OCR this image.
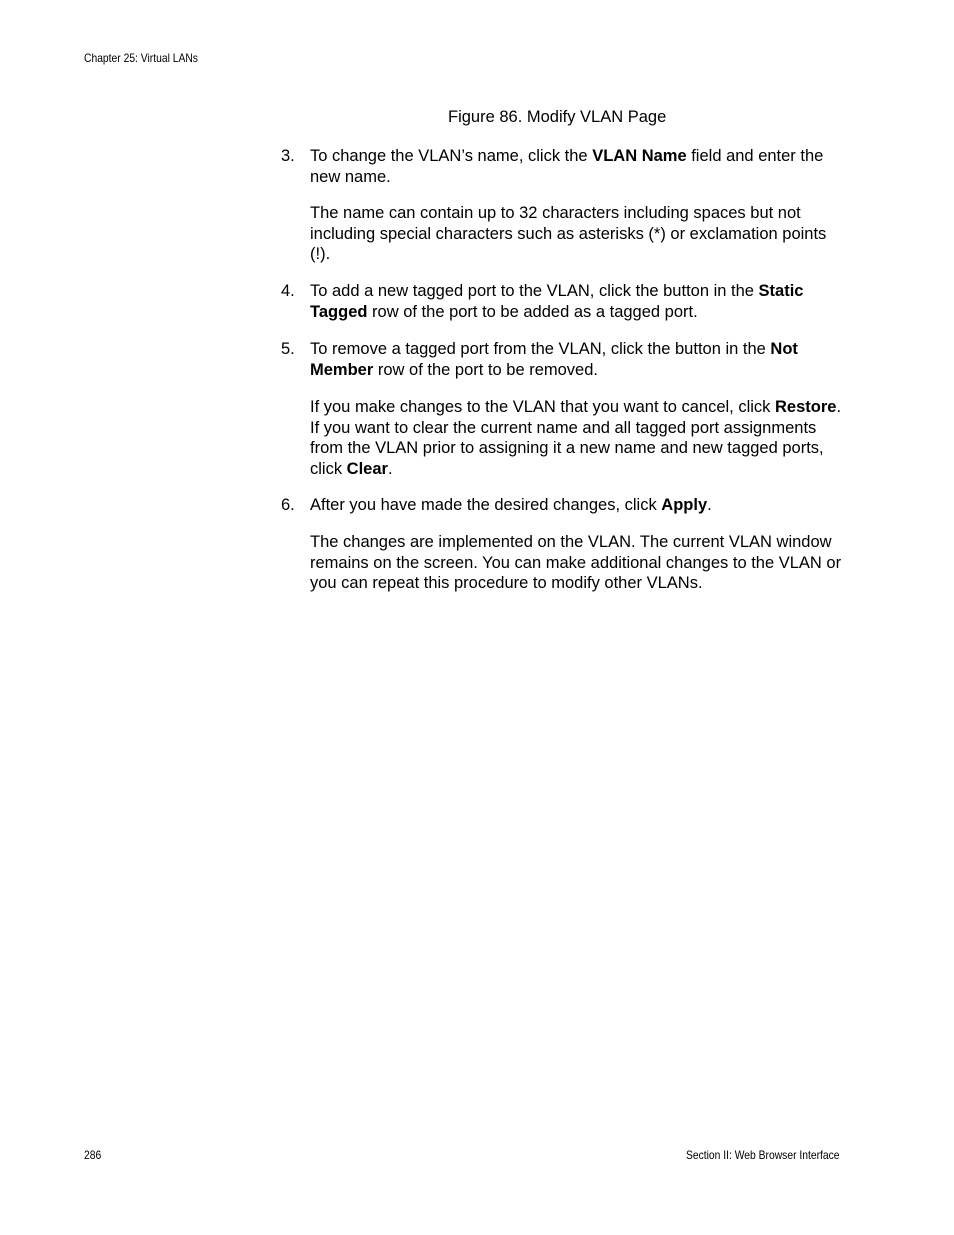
Chapter 25: Virtual LANs
Figure 86. Modify VLAN Page
3. To change the VLAN’s name, click the VLAN Name field and enter the new name.
The name can contain up to 32 characters including spaces but not including special characters such as asterisks (*) or exclamation points (!).
4. To add a new tagged port to the VLAN, click the button in the Static Tagged row of the port to be added as a tagged port.
5. To remove a tagged port from the VLAN, click the button in the Not Member row of the port to be removed.
If you make changes to the VLAN that you want to cancel, click Restore. If you want to clear the current name and all tagged port assignments from the VLAN prior to assigning it a new name and new tagged ports, click Clear.
6. After you have made the desired changes, click Apply.
The changes are implemented on the VLAN. The current VLAN window remains on the screen. You can make additional changes to the VLAN or you can repeat this procedure to modify other VLANs.
286	Section II: Web Browser Interface
